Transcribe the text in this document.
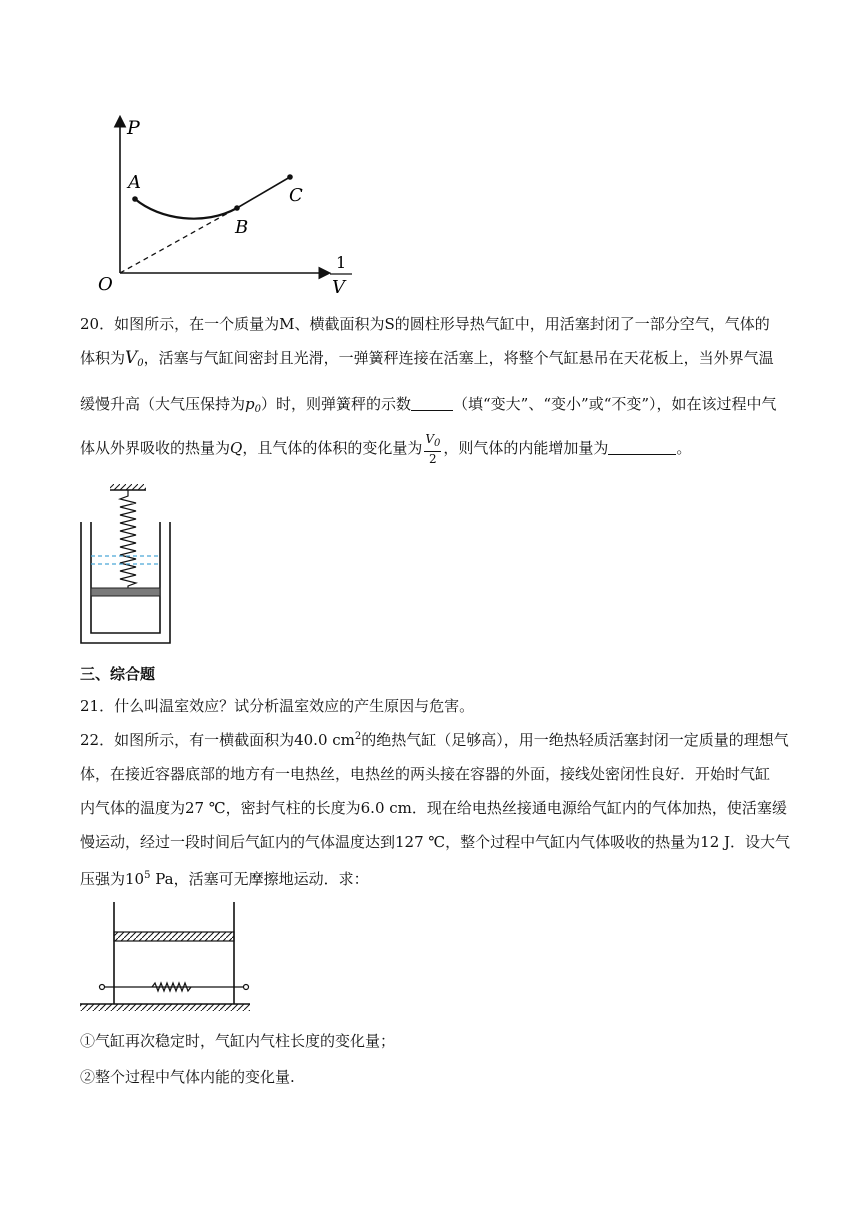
P
A
B
C
O
1
V
20．如图所示，在一个质量为M、横截面积为S的圆柱形导热气缸中，用活塞封闭了一部分空气，气体的
体积为$V_0$，活塞与气缸间密封且光滑，一弹簧秤连接在活塞上，将整个气缸悬吊在天花板上，当外界气温
缓慢升高（大气压保持为$p_0$）时，则弹簧秤的示数	（填“变大”、“变小”或“不变”），如在该过程中气
体从外界吸收的热量为Q，且气体的体积的变化量为 $\frac{V_0}{2}$ ，则气体的内能增加量为	。
三、综合题
21．什么叫温室效应？试分析温室效应的产生原因与危害。
22．如图所示，有一横截面积为40.0 $cm^2$的绝热气缸（足够高），用一绝热轻质活塞封闭一定质量的理想气
体，在接近容器底部的地方有一电热丝，电热丝的两头接在容器的外面，接线处密闭性良好．开始时气缸
内气体的温度为27 ℃，密封气柱的长度为6.0 cm．现在给电热丝接通电源给气缸内的气体加热，使活塞缓
慢运动，经过一段时间后气缸内的气体温度达到127 ℃，整个过程中气缸内气体吸收的热量为12 J．设大气
压强为$10^5$ Pa，活塞可无摩擦地运动．求：
①气缸再次稳定时，气缸内气柱长度的变化量；
②整个过程中气体内能的变化量.
